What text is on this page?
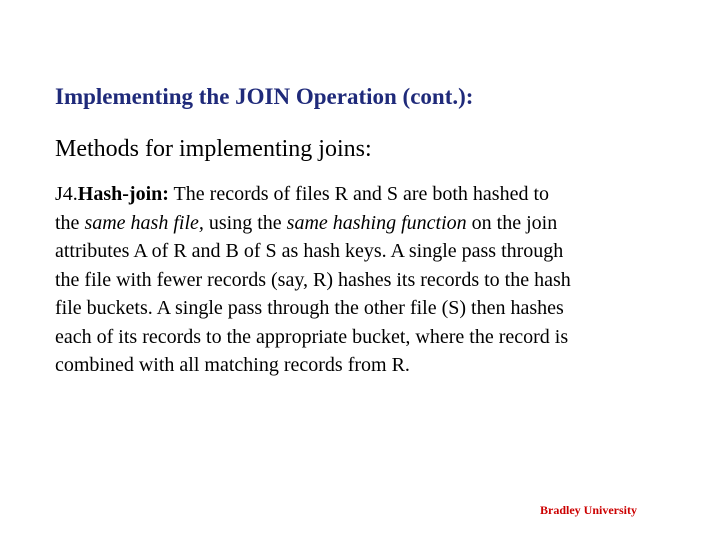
Implementing the JOIN Operation (cont.):
Methods for implementing joins:
J4.Hash-join: The records of files R and S are both hashed to
the same hash file, using the same hashing function on the join
attributes A of R and B of S as hash keys. A single pass through
the file with fewer records (say, R) hashes its records to the hash
file buckets. A single pass through the other file (S) then hashes
each of its records to the appropriate bucket, where the record is
combined with all matching records from R.
Bradley University
